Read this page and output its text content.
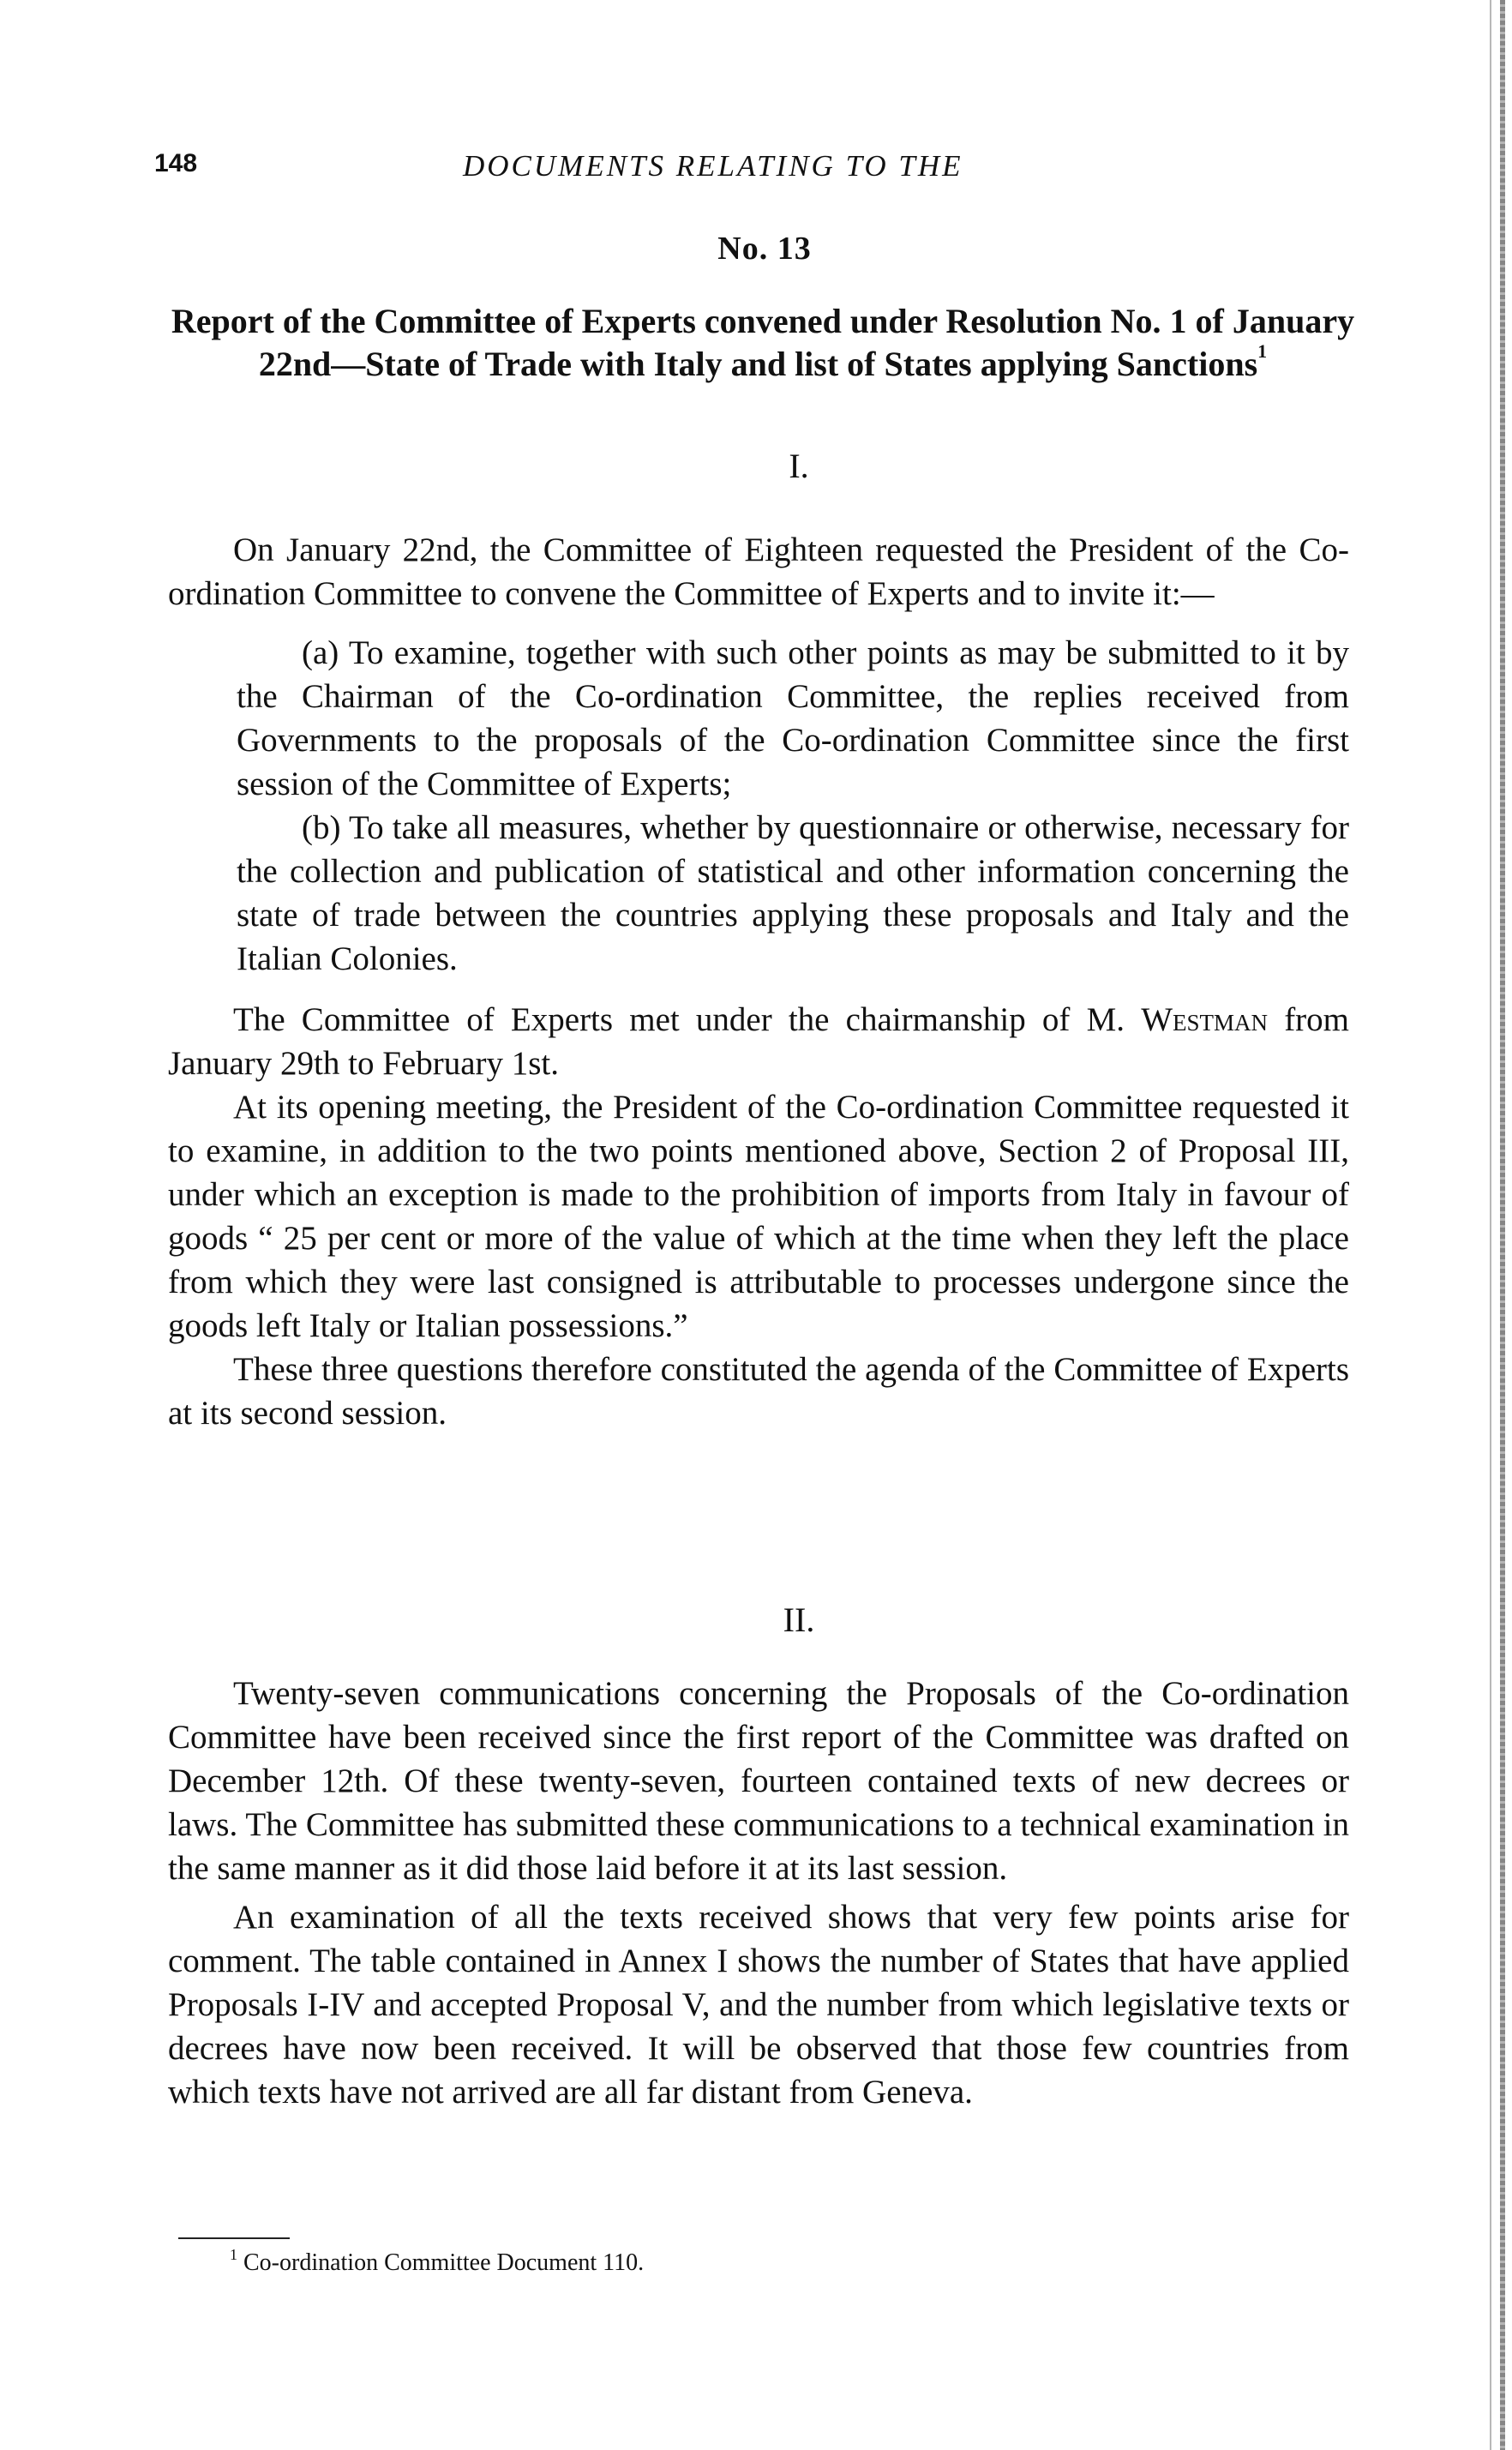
148	DOCUMENTS RELATING TO THE
No. 13
Report of the Committee of Experts convened under Resolution No. 1 of January 22nd—State of Trade with Italy and list of States applying Sanctions$^1$
I.

On January 22nd, the Committee of Eighteen requested the President of the Co-ordination Committee to convene the Committee of Experts and to invite it:—

(a) To examine, together with such other points as may be submitted to it by the Chairman of the Co-ordination Committee, the replies received from Governments to the proposals of the Co-ordination Committee since the first session of the Committee of Experts;

(b) To take all measures, whether by questionnaire or otherwise, necessary for the collection and publication of statistical and other information concerning the state of trade between the countries applying these proposals and Italy and the Italian Colonies.

The Committee of Experts met under the chairmanship of M. Westman from January 29th to February 1st.

At its opening meeting, the President of the Co-ordination Committee requested it to examine, in addition to the two points mentioned above, Section 2 of Proposal III, under which an exception is made to the prohibition of imports from Italy in favour of goods “ 25 per cent or more of the value of which at the time when they left the place from which they were last consigned is attributable to processes undergone since the goods left Italy or Italian possessions.”

These three questions therefore constituted the agenda of the Committee of Experts at its second session.

II.

Twenty-seven communications concerning the Proposals of the Co-ordination Committee have been received since the first report of the Committee was drafted on December 12th. Of these twenty-seven, fourteen contained texts of new decrees or laws. The Committee has submitted these communications to a technical examination in the same manner as it did those laid before it at its last session.

An examination of all the texts received shows that very few points arise for comment. The table contained in Annex I shows the number of States that have applied Proposals I-IV and accepted Proposal V, and the number from which legislative texts or decrees have now been received. It will be observed that those few countries from which texts have not arrived are all far distant from Geneva.

$^1$ Co-ordination Committee Document 110.
